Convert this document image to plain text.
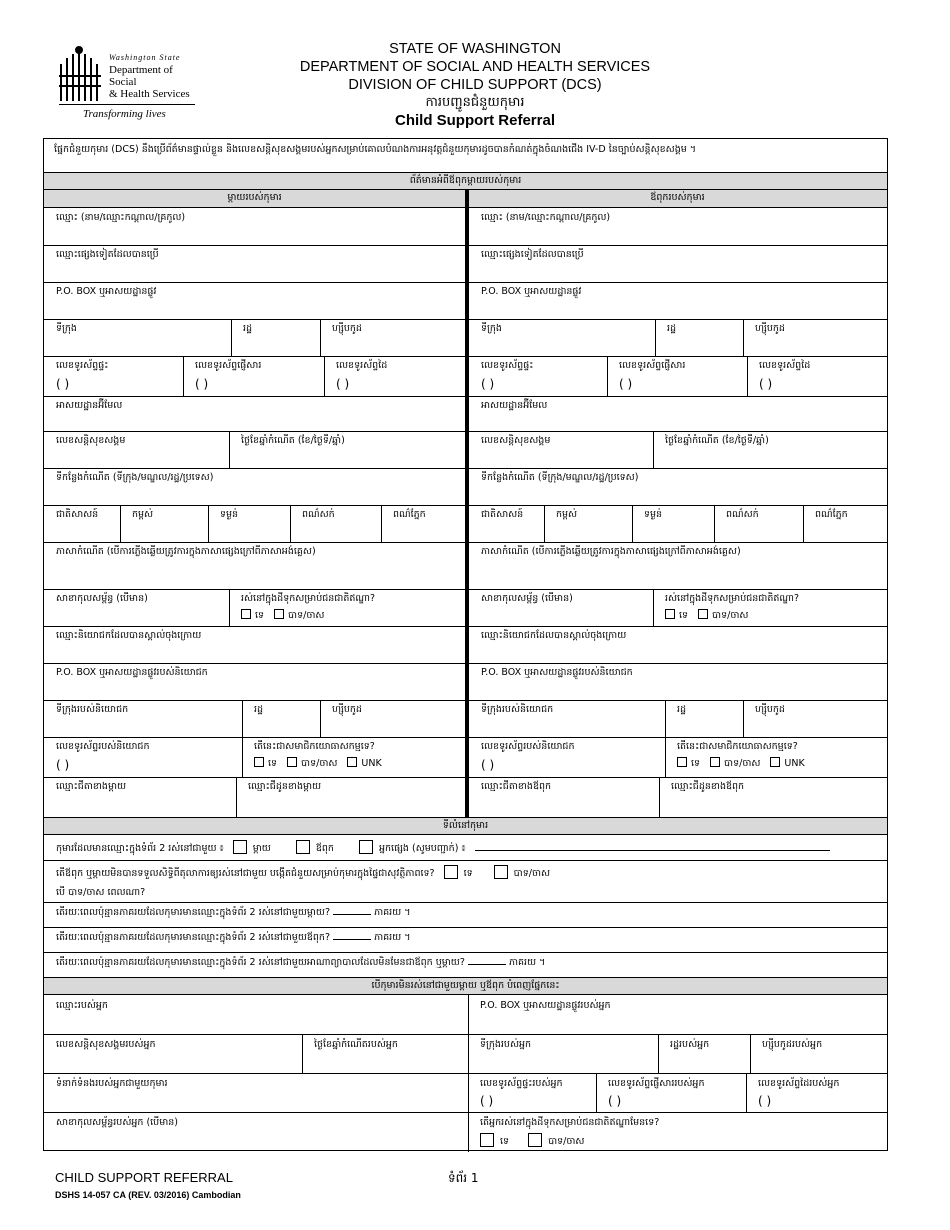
Washington State
Department of Social
& Health Services
Transforming lives
STATE OF WASHINGTON
DEPARTMENT OF SOCIAL AND HEALTH SERVICES
DIVISION OF CHILD SUPPORT (DCS)
ការបញ្ជូនជំនួយកុមារ
Child Support Referral
ផ្នែកជំនួយកុមារ (DCS) នឹងប្រើព័ត៌មានផ្ទាល់ខ្លួន និងលេខសន្តិសុខសង្គមរបស់អ្នកសម្រាប់គោលបំណងការអនុវត្តជំនួយកុមារដូចបានកំណត់ក្នុងចំណងជើង IV-D នៃច្បាប់សន្តិសុខសង្គម ។
ព័ត៌មានអំពីឪពុកម្ដាយរបស់កុមារ
ម្ដាយរបស់កុមារ	ឪពុករបស់កុមារ
ឈ្មោះ (នាម/ឈ្មោះកណ្ដាល/គ្រកូល)
ឈ្មោះផ្សេងទៀតដែលបានប្រើ
P.O. BOX ឬអាសយដ្ឋានផ្លូវ
ទីក្រុង	រដ្ឋ	ហ្ស៊ីបកូដ
លេខទូរស័ព្ទផ្ទះ
( )
លេខទូរស័ព្ទផ្ញើសារ
( )
លេខទូរស័ព្ទដៃ
( )
អាសយដ្ឋានអ៊ីមែល
លេខសន្តិសុខសង្គម	ថ្ងៃខែឆ្នាំកំណើត (ខែ/ថ្ងៃទី/ឆ្នាំ)
ទីកន្លែងកំណើត (ទីក្រុង/មណ្ឌល/រដ្ឋ/ប្រទេស)
ជាតិសាសន៍	កម្ពស់	ទម្ងន់	ពណ៌សក់	ពណ៌ភ្នែក
ភាសាកំណើត (បើការភ្លើងឆ្លើយត្រូវការក្នុងភាសាផ្សេងក្រៅពីភាសាអង់គ្លេស)
សាខាកុលសម្ព័ន្ធ (បើមាន)	រស់នៅក្នុងដីទុកសម្រាប់ជនជាតិឥណ្ឌា?
ទេ	បាទ/ចាស
ឈ្មោះនិយោជកដែលបានស្គាល់ចុងក្រោយ
P.O. BOX ឬអាសយដ្ឋានផ្លូវរបស់និយោជក
ទីក្រុងរបស់និយោជក	រដ្ឋ	ហ្ស៊ីបកូដ
លេខទូរស័ព្ទរបស់និយោជក
( )
តើនេះជាសមាជិកយោធាសកម្មទេ?
ទេ	បាទ/ចាស	UNK
ឈ្មោះជីតាខាងម្ដាយ	ឈ្មោះជីដូនខាងម្ដាយ
ឈ្មោះ (នាម/ឈ្មោះកណ្ដាល/គ្រកូល)
ឈ្មោះផ្សេងទៀតដែលបានប្រើ
P.O. BOX ឬអាសយដ្ឋានផ្លូវ
ទីក្រុង	រដ្ឋ	ហ្ស៊ីបកូដ
លេខទូរស័ព្ទផ្ទះ
( )
លេខទូរស័ព្ទផ្ញើសារ
( )
លេខទូរស័ព្ទដៃ
( )
អាសយដ្ឋានអ៊ីមែល
លេខសន្តិសុខសង្គម	ថ្ងៃខែឆ្នាំកំណើត (ខែ/ថ្ងៃទី/ឆ្នាំ)
ទីកន្លែងកំណើត (ទីក្រុង/មណ្ឌល/រដ្ឋ/ប្រទេស)
ជាតិសាសន៍	កម្ពស់	ទម្ងន់	ពណ៌សក់	ពណ៌ភ្នែក
ភាសាកំណើត (បើការភ្លើងឆ្លើយត្រូវការក្នុងភាសាផ្សេងក្រៅពីភាសាអង់គ្លេស)
សាខាកុលសម្ព័ន្ធ (បើមាន)	រស់នៅក្នុងដីទុកសម្រាប់ជនជាតិឥណ្ឌា?
ទេ	បាទ/ចាស
ឈ្មោះនិយោជកដែលបានស្គាល់ចុងក្រោយ
P.O. BOX ឬអាសយដ្ឋានផ្លូវរបស់និយោជក
ទីក្រុងរបស់និយោជក	រដ្ឋ	ហ្ស៊ីបកូដ
លេខទូរស័ព្ទរបស់និយោជក
( )
តើនេះជាសមាជិកយោធាសកម្មទេ?
ទេ	បាទ/ចាស	UNK
ឈ្មោះជីតាខាងឪពុក	ឈ្មោះជីដូនខាងឪពុក
ទីលំនៅកុមារ
កុមារដែលមានឈ្មោះក្នុងទំព័រ 2 រស់នៅជាមួយ ៖	ម្ដាយ	ឪពុក	អ្នកផ្សេង (សូមបញ្ជាក់) ៖
តើឪពុក ឬម្ដាយមិនបានទទួលសិទ្ធិពីតុលាការឲ្យរស់នៅជាមួយ បង្កើតជំនួយសម្រាប់កុមារក្នុងផ្ទៃជាសុវត្ថិភាពទេ?	ទេ	បាទ/ចាស
បើ បាទ/ចាស ពេលណា?
តើរយៈពេលប៉ុន្មានភាគរយដែលកុមារមានឈ្មោះក្នុងទំព័រ 2 រស់នៅជាមួយម្ដាយ?	ភាគរយ ។
តើរយៈពេលប៉ុន្មានភាគរយដែលកុមារមានឈ្មោះក្នុងទំព័រ 2 រស់នៅជាមួយឪពុក?	ភាគរយ ។
តើរយៈពេលប៉ុន្មានភាគរយដែលកុមារមានឈ្មោះក្នុងទំព័រ 2 រស់នៅជាមួយអាណាព្យាបាលដែលមិនមែនជាឪពុក ឬម្ដាយ?	ភាគរយ ។
បើកុមារមិនរស់នៅជាមួយម្ដាយ ឬឪពុក បំពេញផ្នែកនេះ
ឈ្មោះរបស់អ្នក	P.O. BOX ឬអាសយដ្ឋានផ្លូវរបស់អ្នក
លេខសន្តិសុខសង្គមរបស់អ្នក	ថ្ងៃខែឆ្នាំកំណើតរបស់អ្នក	ទីក្រុងរបស់អ្នក	រដ្ឋរបស់អ្នក	ហ្ស៊ីបកូដរបស់អ្នក
ទំនាក់ទំនងរបស់អ្នកជាមួយកុមារ	លេខទូរស័ព្ទផ្ទះរបស់អ្នក
( )
លេខទូរស័ព្ទផ្ញើសាររបស់អ្នក
( )
លេខទូរស័ព្ទដៃរបស់អ្នក
( )
សាខាកុលសម្ព័ន្ធរបស់អ្នក (បើមាន)	តើអ្នករស់នៅក្នុងដីទុកសម្រាប់ជនជាតិឥណ្ឌាមែនទេ?
ទេ	បាទ/ចាស
CHILD SUPPORT REFERRAL
DSHS 14-057 CA (REV. 03/2016) Cambodian
ទំព័រ 1
